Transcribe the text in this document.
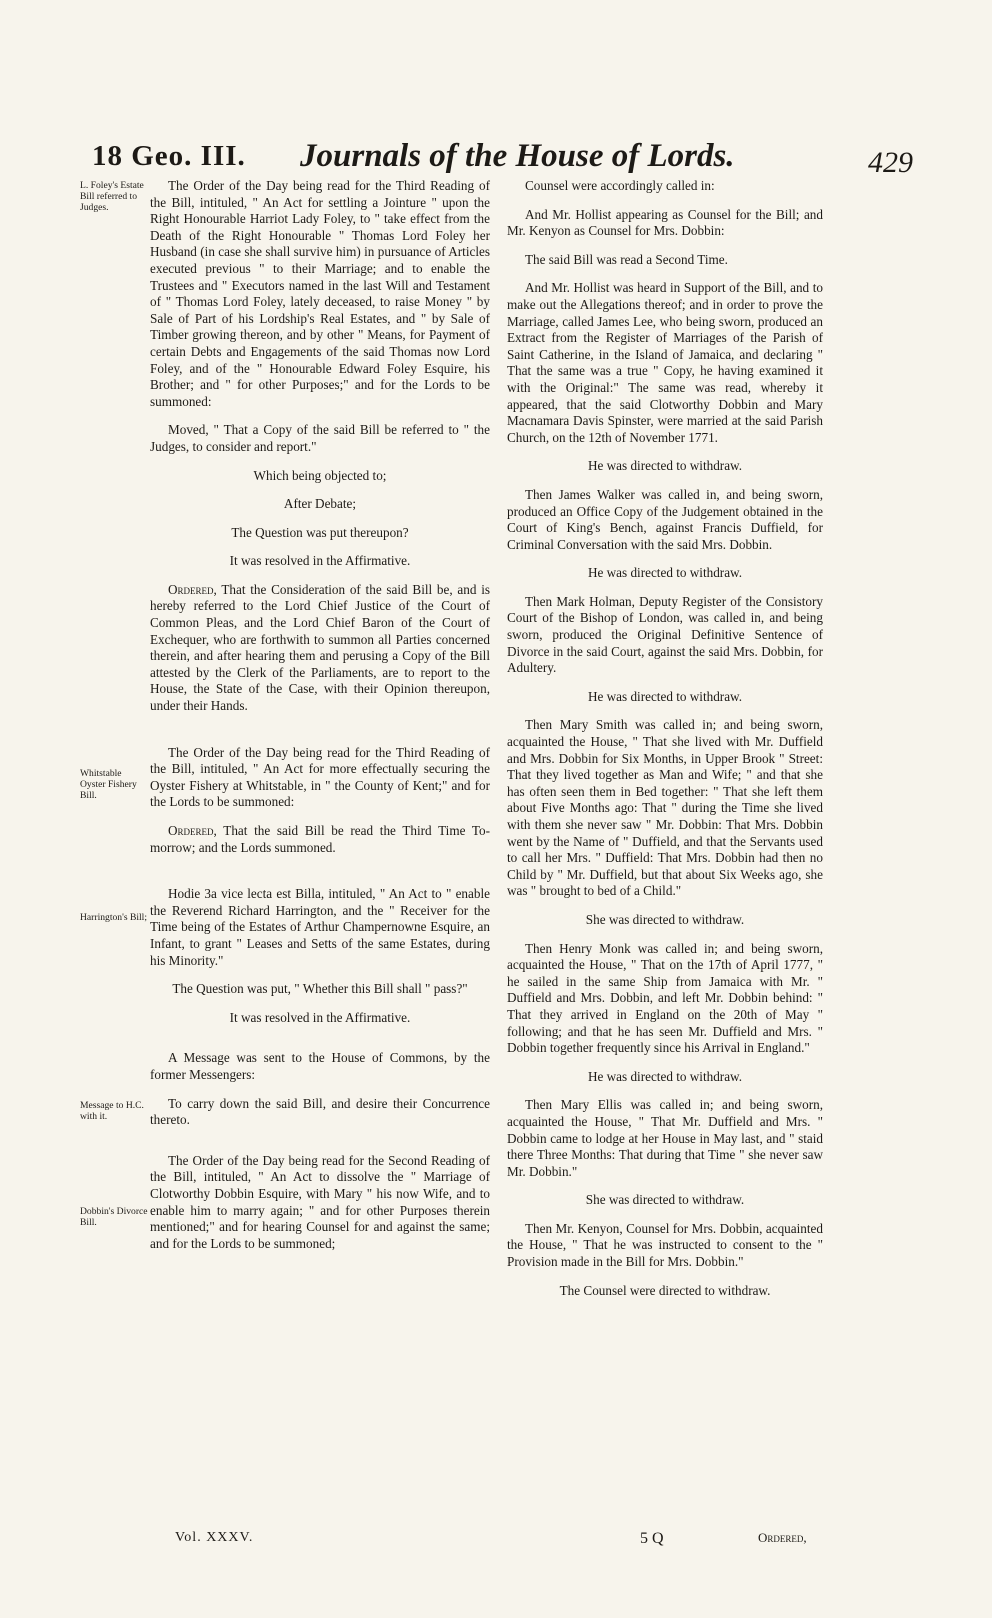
18 Geo. III. Journals of the House of Lords.	429
L. Foley's Estate Bill referred to Judges.
Whitstable Oyster Fishery Bill.
Harrington's Bill;
Message to H.C. with it.
Dobbin's Divorce Bill.

The Order of the Day being read for the Third Reading of the Bill, intituled, " An Act for settling a Jointure " upon the Right Honourable Harriot Lady Foley, to " take effect from the Death of the Right Honourable " Thomas Lord Foley her Husband (in case she shall survive him) in pursuance of Articles executed previous " to their Marriage; and to enable the Trustees and " Executors named in the last Will and Testament of " Thomas Lord Foley, lately deceased, to raise Money " by Sale of Part of his Lordship's Real Estates, and " by Sale of Timber growing thereon, and by other " Means, for Payment of certain Debts and Engagements of the said Thomas now Lord Foley, and of the " Honourable Edward Foley Esquire, his Brother; and " for other Purposes;" and for the Lords to be summoned:

Moved, " That a Copy of the said Bill be referred to " the Judges, to consider and report."

Which being objected to;

After Debate;

The Question was put thereupon?

It was resolved in the Affirmative.

Ordered, That the Consideration of the said Bill be, and is hereby referred to the Lord Chief Justice of the Court of Common Pleas, and the Lord Chief Baron of the Court of Exchequer, who are forthwith to summon all Parties concerned therein, and after hearing them and perusing a Copy of the Bill attested by the Clerk of the Parliaments, are to report to the House, the State of the Case, with their Opinion thereupon, under their Hands.

The Order of the Day being read for the Third Reading of the Bill, intituled, " An Act for more effectually securing the Oyster Fishery at Whitstable, in " the County of Kent;" and for the Lords to be summoned:

Ordered, That the said Bill be read the Third Time To-morrow; and the Lords summoned.

Hodie 3a vice lecta est Billa, intituled, " An Act to " enable the Reverend Richard Harrington, and the " Receiver for the Time being of the Estates of Arthur Champernowne Esquire, an Infant, to grant " Leases and Setts of the same Estates, during his Minority."

The Question was put, " Whether this Bill shall " pass?"

It was resolved in the Affirmative.

A Message was sent to the House of Commons, by the former Messengers:

To carry down the said Bill, and desire their Concurrence thereto.

The Order of the Day being read for the Second Reading of the Bill, intituled, " An Act to dissolve the " Marriage of Clotworthy Dobbin Esquire, with Mary " his now Wife, and to enable him to marry again; " and for other Purposes therein mentioned;" and for hearing Counsel for and against the same; and for the Lords to be summoned;

Counsel were accordingly called in:

And Mr. Hollist appearing as Counsel for the Bill; and Mr. Kenyon as Counsel for Mrs. Dobbin:

The said Bill was read a Second Time.

And Mr. Hollist was heard in Support of the Bill, and to make out the Allegations thereof; and in order to prove the Marriage, called James Lee, who being sworn, produced an Extract from the Register of Marriages of the Parish of Saint Catherine, in the Island of Jamaica, and declaring " That the same was a true " Copy, he having examined it with the Original:" The same was read, whereby it appeared, that the said Clotworthy Dobbin and Mary Macnamara Davis Spinster, were married at the said Parish Church, on the 12th of November 1771.

He was directed to withdraw.

Then James Walker was called in, and being sworn, produced an Office Copy of the Judgement obtained in the Court of King's Bench, against Francis Duffield, for Criminal Conversation with the said Mrs. Dobbin.

He was directed to withdraw.

Then Mark Holman, Deputy Register of the Consistory Court of the Bishop of London, was called in, and being sworn, produced the Original Definitive Sentence of Divorce in the said Court, against the said Mrs. Dobbin, for Adultery.

He was directed to withdraw.

Then Mary Smith was called in; and being sworn, acquainted the House, " That she lived with Mr. Duffield and Mrs. Dobbin for Six Months, in Upper Brook " Street: That they lived together as Man and Wife; " and that she has often seen them in Bed together: " That she left them about Five Months ago: That " during the Time she lived with them she never saw " Mr. Dobbin: That Mrs. Dobbin went by the Name of " Duffield, and that the Servants used to call her Mrs. " Duffield: That Mrs. Dobbin had then no Child by " Mr. Duffield, but that about Six Weeks ago, she was " brought to bed of a Child."

She was directed to withdraw.

Then Henry Monk was called in; and being sworn, acquainted the House, " That on the 17th of April 1777, " he sailed in the same Ship from Jamaica with Mr. " Duffield and Mrs. Dobbin, and left Mr. Dobbin behind: " That they arrived in England on the 20th of May " following; and that he has seen Mr. Duffield and Mrs. " Dobbin together frequently since his Arrival in England."

He was directed to withdraw.

Then Mary Ellis was called in; and being sworn, acquainted the House, " That Mr. Duffield and Mrs. " Dobbin came to lodge at her House in May last, and " staid there Three Months: That during that Time " she never saw Mr. Dobbin."

She was directed to withdraw.

Then Mr. Kenyon, Counsel for Mrs. Dobbin, acquainted the House, " That he was instructed to consent to the " Provision made in the Bill for Mrs. Dobbin."

The Counsel were directed to withdraw.

Vol. XXXV.	5 Q	Ordered,
